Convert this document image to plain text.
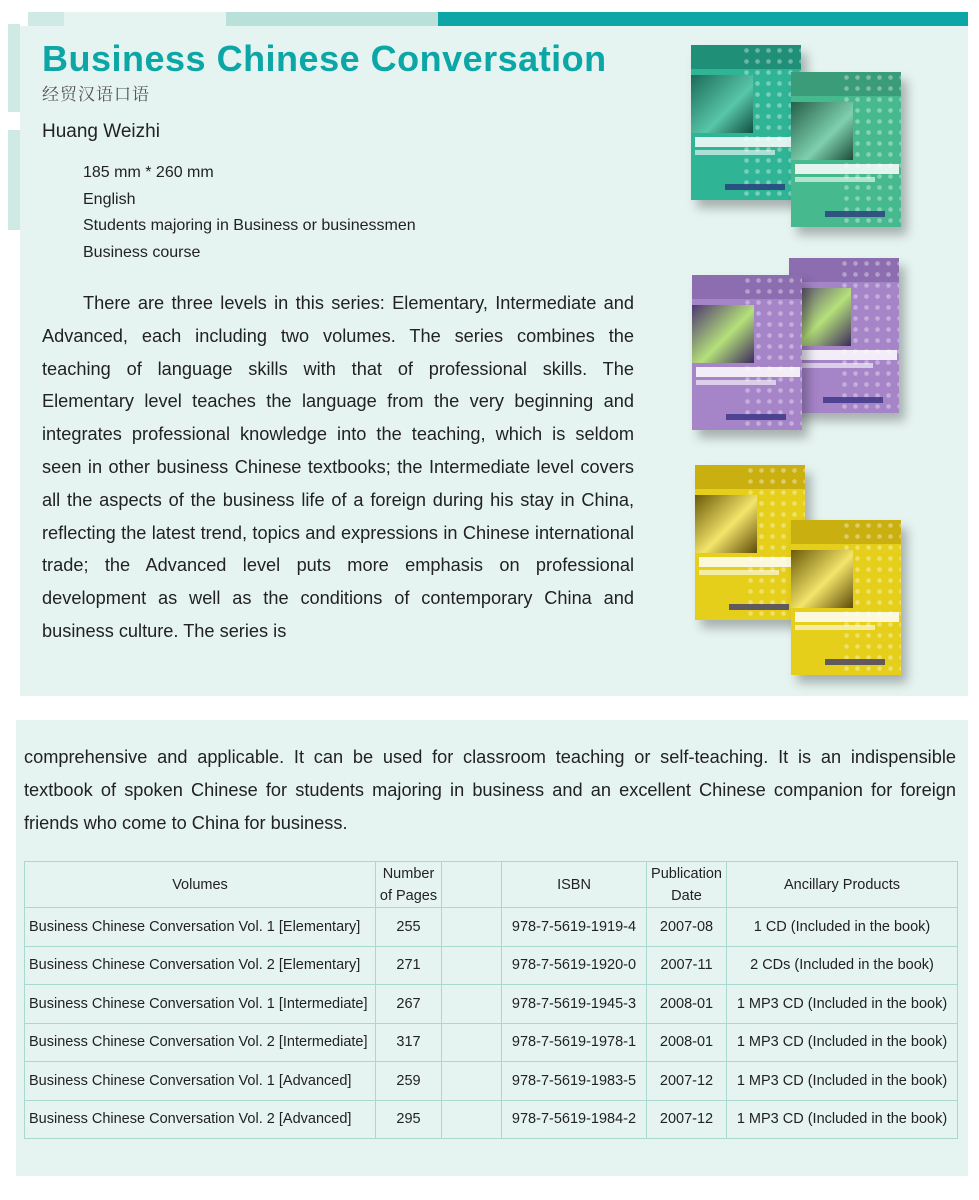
Business Chinese Conversation
经贸汉语口语
Huang Weizhi
185 mm * 260 mm
English
Students majoring in Business or businessmen
Business course

There are three levels in this series: Elementary, Intermediate and Advanced, each including two volumes. The series combines the teaching of language skills with that of professional skills. The Elementary level teaches the language from the very beginning and integrates professional knowledge into the teaching, which is seldom seen in other business Chinese textbooks; the Intermediate level covers all the aspects of the business life of a foreign during his stay in China, reflecting the latest trend, topics and expressions in Chinese international trade; the Advanced level puts more emphasis on professional development as well as the conditions of contemporary China and business culture. The series is

comprehensive and applicable. It can be used for classroom teaching or self-teaching. It is an indispensible textbook of spoken Chinese for students majoring in business and an excellent Chinese companion for foreign friends who come to China for business.

Volumes	Number of Pages		ISBN	Publication Date	Ancillary Products
Business Chinese Conversation Vol. 1 [Elementary]	255		978-7-5619-1919-4	2007-08	1 CD (Included in the book)
Business Chinese Conversation Vol. 2 [Elementary]	271		978-7-5619-1920-0	2007-11	2 CDs (Included in the book)
Business Chinese Conversation Vol. 1 [Intermediate]	267		978-7-5619-1945-3	2008-01	1 MP3 CD (Included in the book)
Business Chinese Conversation Vol. 2 [Intermediate]	317		978-7-5619-1978-1	2008-01	1 MP3 CD (Included in the book)
Business Chinese Conversation Vol. 1 [Advanced]	259		978-7-5619-1983-5	2007-12	1 MP3 CD (Included in the book)
Business Chinese Conversation Vol. 2 [Advanced]	295		978-7-5619-1984-2	2007-12	1 MP3 CD (Included in the book)
